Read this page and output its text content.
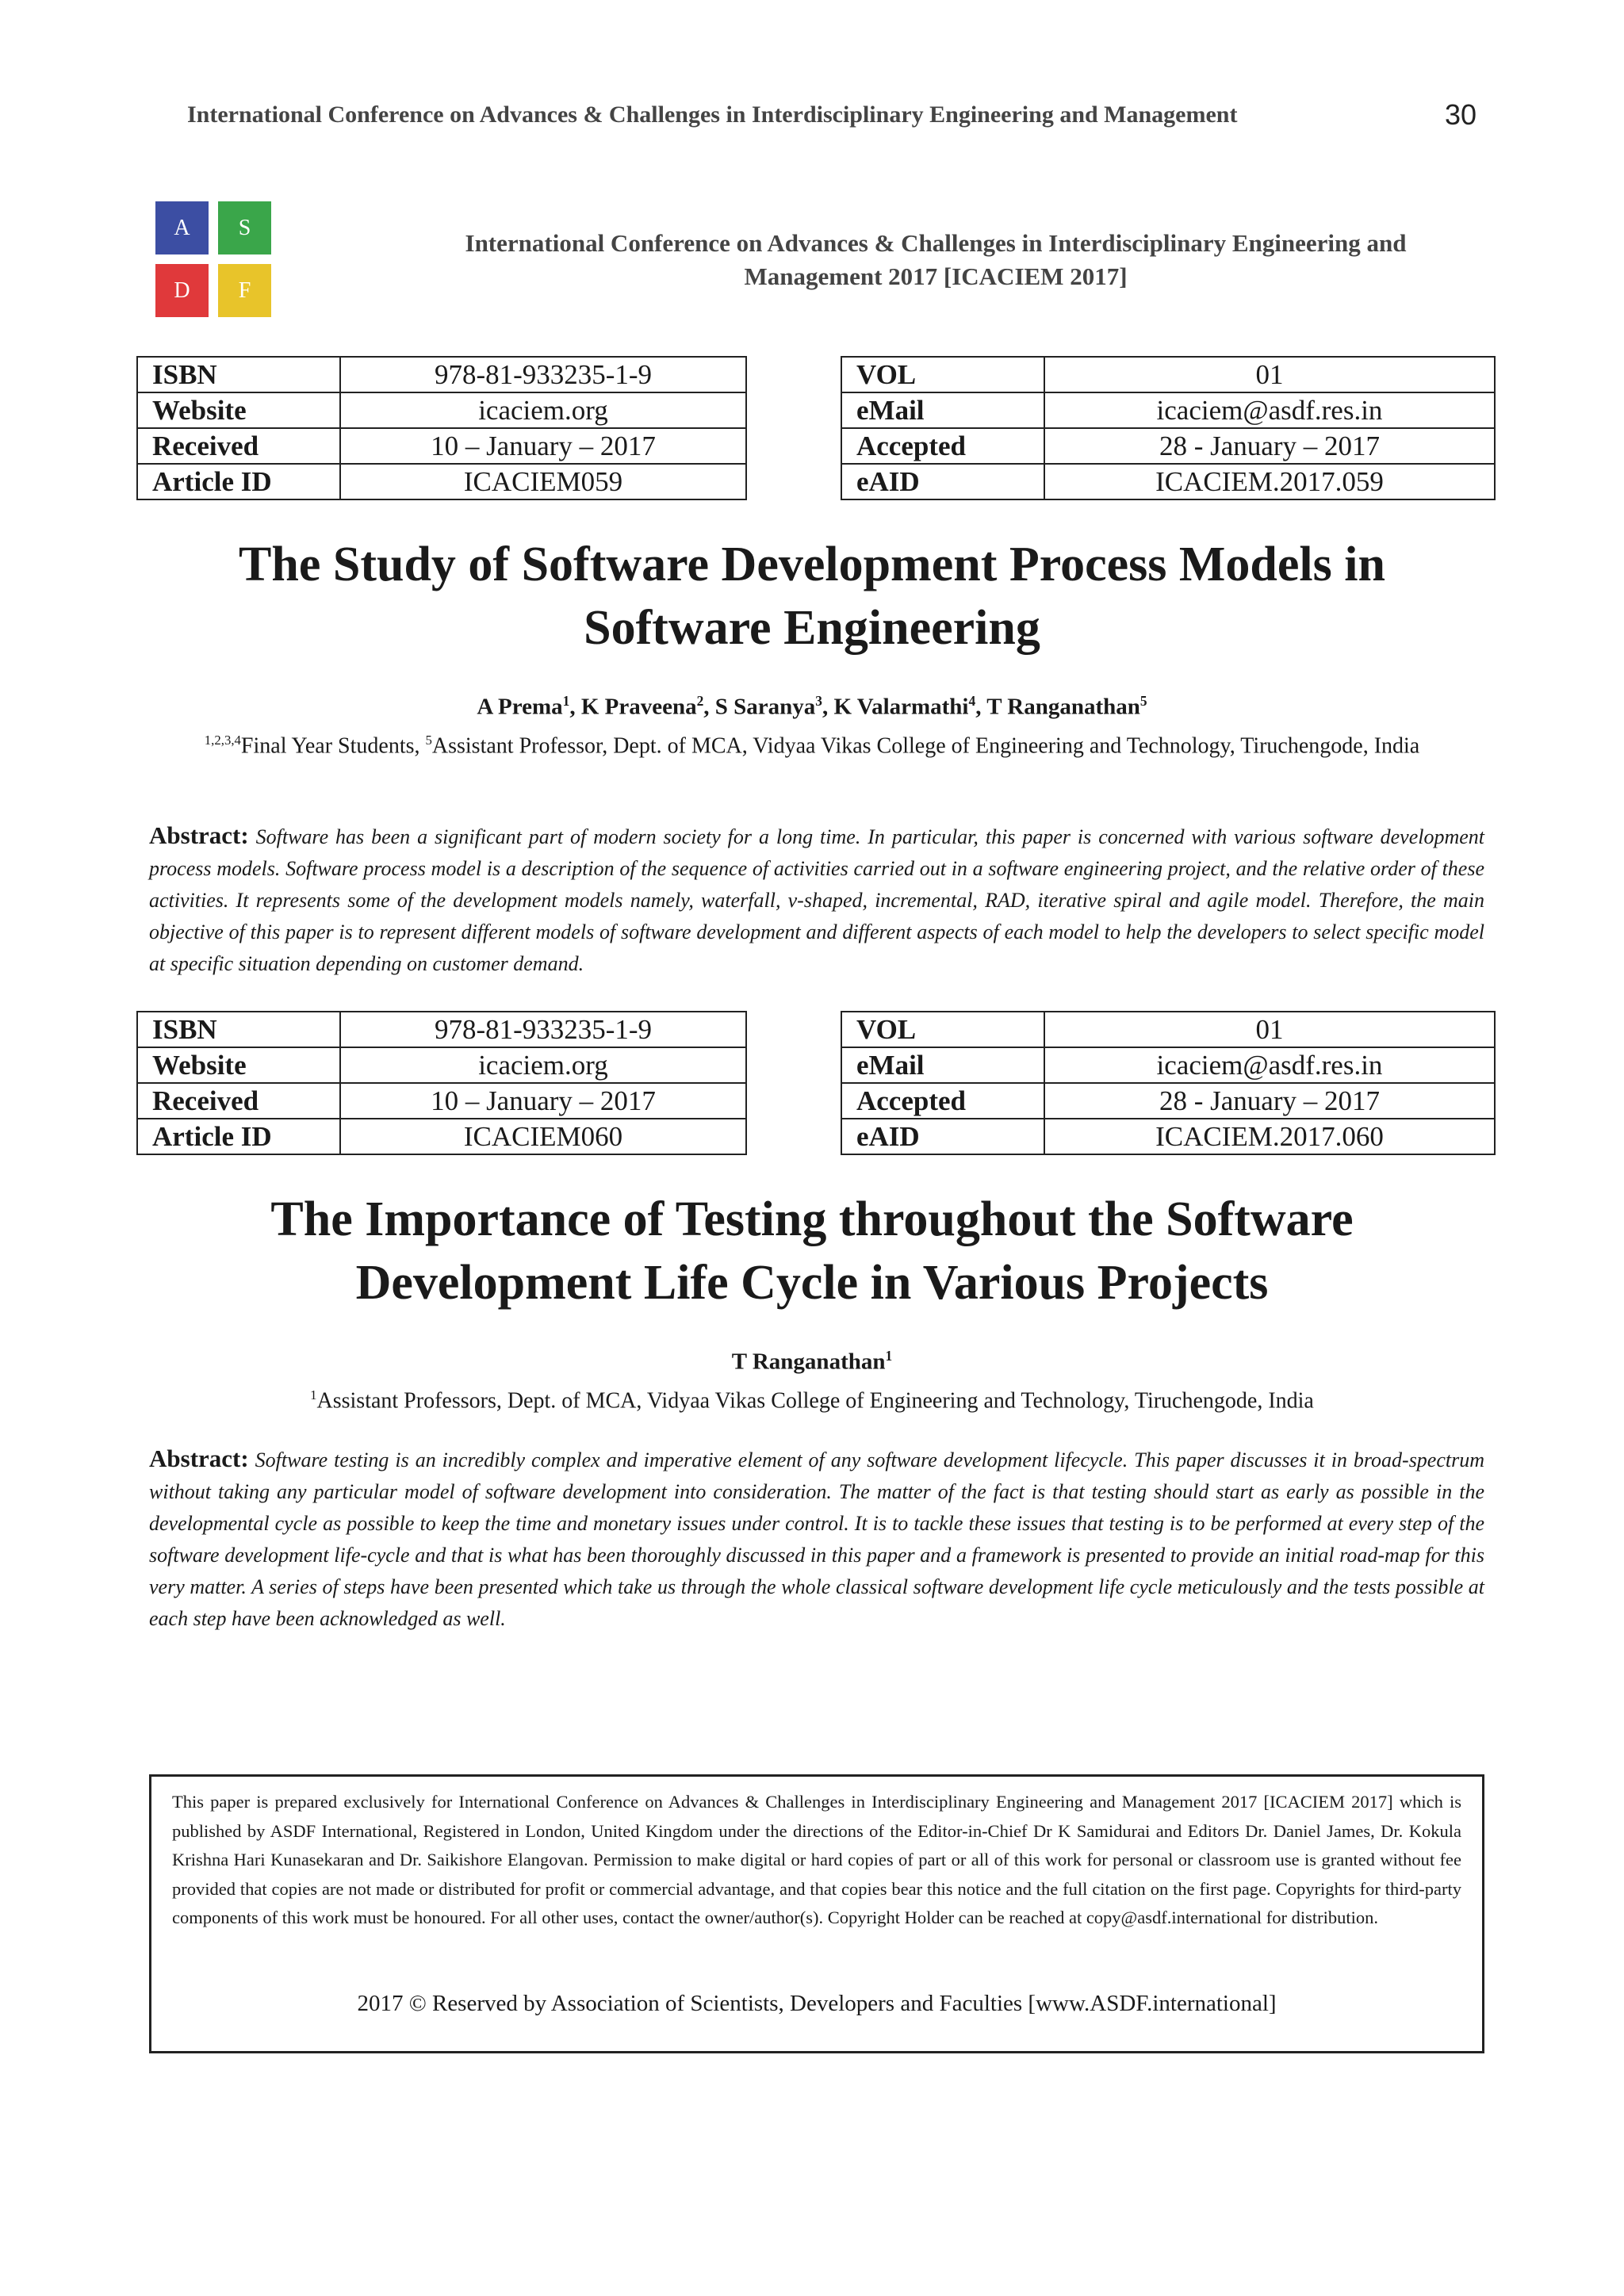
International Conference on Advances & Challenges in Interdisciplinary Engineering and Management	30
A	S
D	F
International Conference on Advances & Challenges in Interdisciplinary Engineering and
Management 2017 [ICACIEM 2017]
ISBN	978-81-933235-1-9
Website	icaciem.org
Received	10 – January – 2017
Article ID	ICACIEM059
VOL	01
eMail	icaciem@asdf.res.in
Accepted	28 - January – 2017
eAID	ICACIEM.2017.059
The Study of Software Development Process Models in
Software Engineering
A Prema$^1$, K Praveena$^2$, S Saranya$^3$, K Valarmathi$^4$, T Ranganathan$^5$
$^{1,2,3,4}$Final Year Students, $^5$Assistant Professor, Dept. of MCA, Vidyaa Vikas College of Engineering and Technology, Tiruchengode, India
Abstract: Software has been a significant part of modern society for a long time. In particular, this paper is concerned with various software development process models. Software process model is a description of the sequence of activities carried out in a software engineering project, and the relative order of these activities. It represents some of the development models namely, waterfall, v-shaped, incremental, RAD, iterative spiral and agile model. Therefore, the main objective of this paper is to represent different models of software development and different aspects of each model to help the developers to select specific model at specific situation depending on customer demand.
ISBN	978-81-933235-1-9
Website	icaciem.org
Received	10 – January – 2017
Article ID	ICACIEM060
VOL	01
eMail	icaciem@asdf.res.in
Accepted	28 - January – 2017
eAID	ICACIEM.2017.060
The Importance of Testing throughout the Software
Development Life Cycle in Various Projects
T Ranganathan$^1$
$^1$Assistant Professors, Dept. of MCA, Vidyaa Vikas College of Engineering and Technology, Tiruchengode, India
Abstract: Software testing is an incredibly complex and imperative element of any software development lifecycle. This paper discusses it in broad-spectrum without taking any particular model of software development into consideration. The matter of the fact is that testing should start as early as possible in the developmental cycle as possible to keep the time and monetary issues under control. It is to tackle these issues that testing is to be performed at every step of the software development life-cycle and that is what has been thoroughly discussed in this paper and a framework is presented to provide an initial road-map for this very matter. A series of steps have been presented which take us through the whole classical software development life cycle meticulously and the tests possible at each step have been acknowledged as well.
This paper is prepared exclusively for International Conference on Advances & Challenges in Interdisciplinary Engineering and Management 2017 [ICACIEM 2017] which is published by ASDF International, Registered in London, United Kingdom under the directions of the Editor-in-Chief Dr K Samidurai and Editors Dr. Daniel James, Dr. Kokula Krishna Hari Kunasekaran and Dr. Saikishore Elangovan. Permission to make digital or hard copies of part or all of this work for personal or classroom use is granted without fee provided that copies are not made or distributed for profit or commercial advantage, and that copies bear this notice and the full citation on the first page. Copyrights for third-party components of this work must be honoured. For all other uses, contact the owner/author(s). Copyright Holder can be reached at copy@asdf.international for distribution.
2017 © Reserved by Association of Scientists, Developers and Faculties [www.ASDF.international]
